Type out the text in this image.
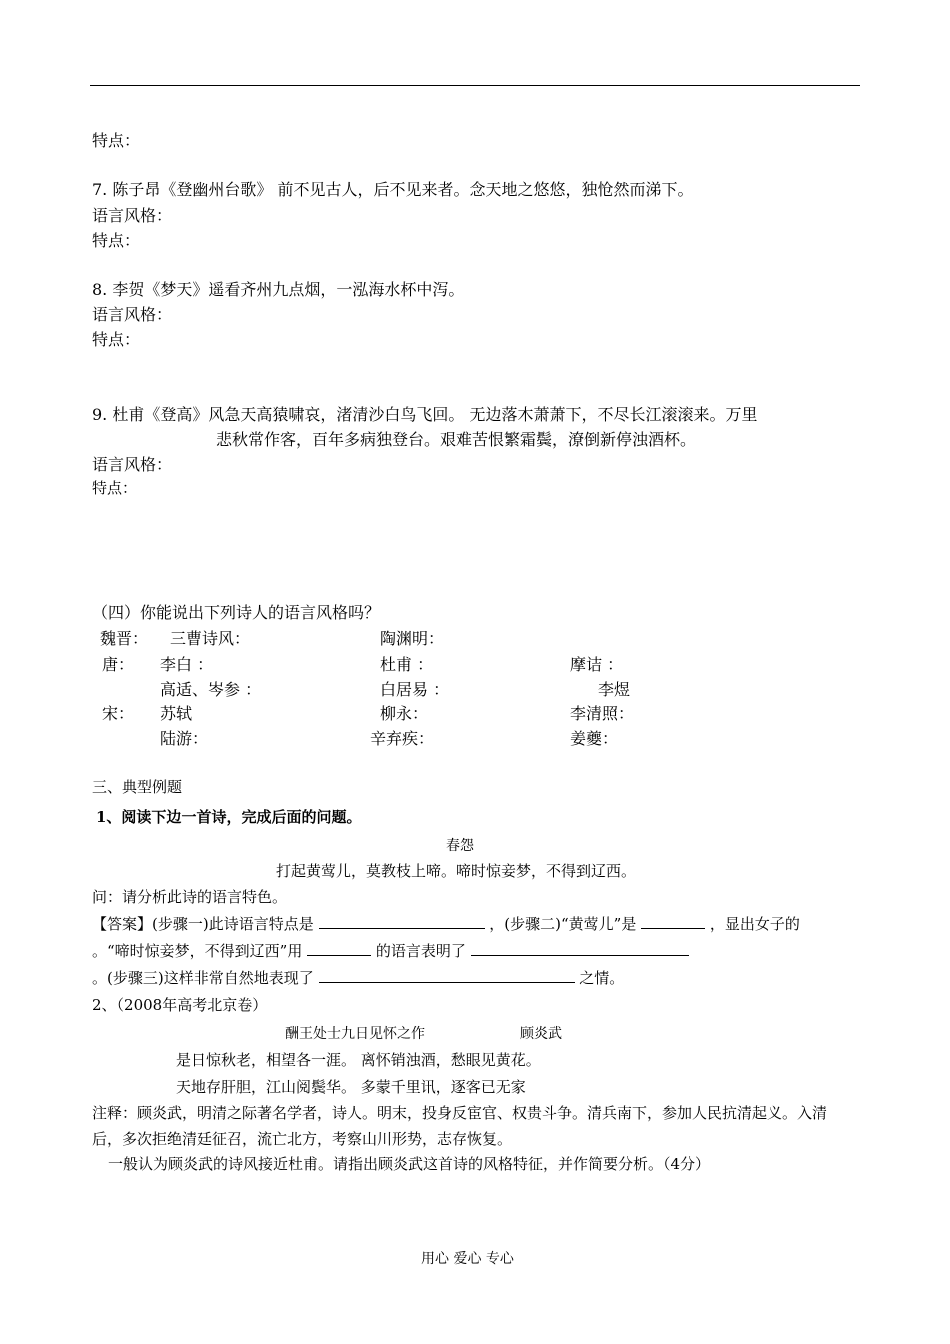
特点：
7. 陈子昂《登幽州台歌》 前不见古人，后不见来者。念天地之悠悠，独怆然而涕下。
语言风格：
特点：
8. 李贺《梦天》遥看齐州九点烟，一泓海水杯中泻。
语言风格：
特点：
9. 杜甫《登高》风急天高猿啸哀，渚清沙白鸟飞回。 无边落木萧萧下，不尽长江滚滚来。万里
悲秋常作客，百年多病独登台。艰难苦恨繁霜鬓，潦倒新停浊酒杯。
语言风格：
特点：
（四）你能说出下列诗人的语言风格吗？
魏晋： 三曹诗风：	陶渊明：
唐： 李白 ：	杜甫 ：	摩诘 ：
高适、岑参 ：	白居易 ：	李煜
宋： 苏轼	柳永：	李清照：
陆游：	辛弃疾：	姜夔：
三、典型例题
1、阅读下边一首诗，完成后面的问题。
春怨
打起黄莺儿，莫教枝上啼。啼时惊妾梦，不得到辽西。
问：请分析此诗的语言特色。
【答案】(步骤一)此诗语言特点是	，(步骤二)“黄莺儿”是	，显出女子的
。“啼时惊妾梦，不得到辽西”用	的语言表明了
。(步骤三)这样非常自然地表现了	之情。
2、（2008年高考北京卷）
酬王处士九日见怀之作	顾炎武
是日惊秋老，相望各一涯。 离怀销浊酒，愁眼见黄花。
天地存肝胆，江山阅鬓华。 多蒙千里讯，逐客已无家
注释：顾炎武，明清之际著名学者，诗人。明末，投身反宦官、权贵斗争。清兵南下，参加人民抗清起义。入清
后，多次拒绝清廷征召，流亡北方，考察山川形势，志存恢复。
一般认为顾炎武的诗风接近杜甫。请指出顾炎武这首诗的风格特征，并作简要分析。（4分）
用心 爱心 专心
